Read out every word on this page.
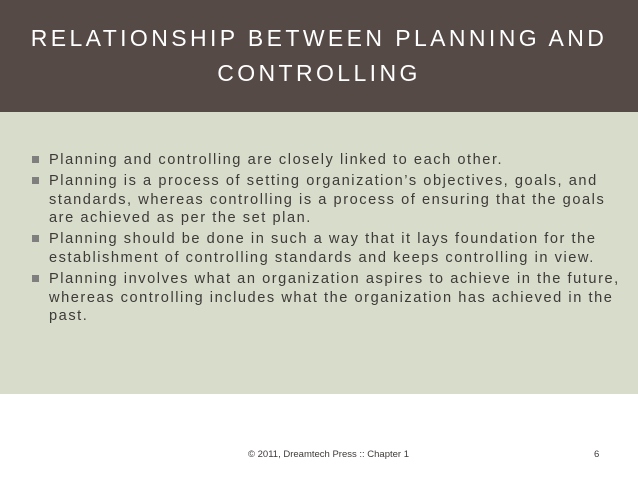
RELATIONSHIP BETWEEN PLANNING AND CONTROLLING
Planning and controlling are closely linked to each other.
Planning is a process of setting organization’s objectives, goals, and standards, whereas controlling is a process of ensuring that the goals are achieved as per the set plan.
Planning should be done in such a way that it lays foundation for the establishment of controlling standards and keeps controlling in view.
Planning involves what an organization aspires to achieve in the future, whereas controlling includes what the organization has achieved in the past.
© 2011, Dreamtech Press :: Chapter 1	6
